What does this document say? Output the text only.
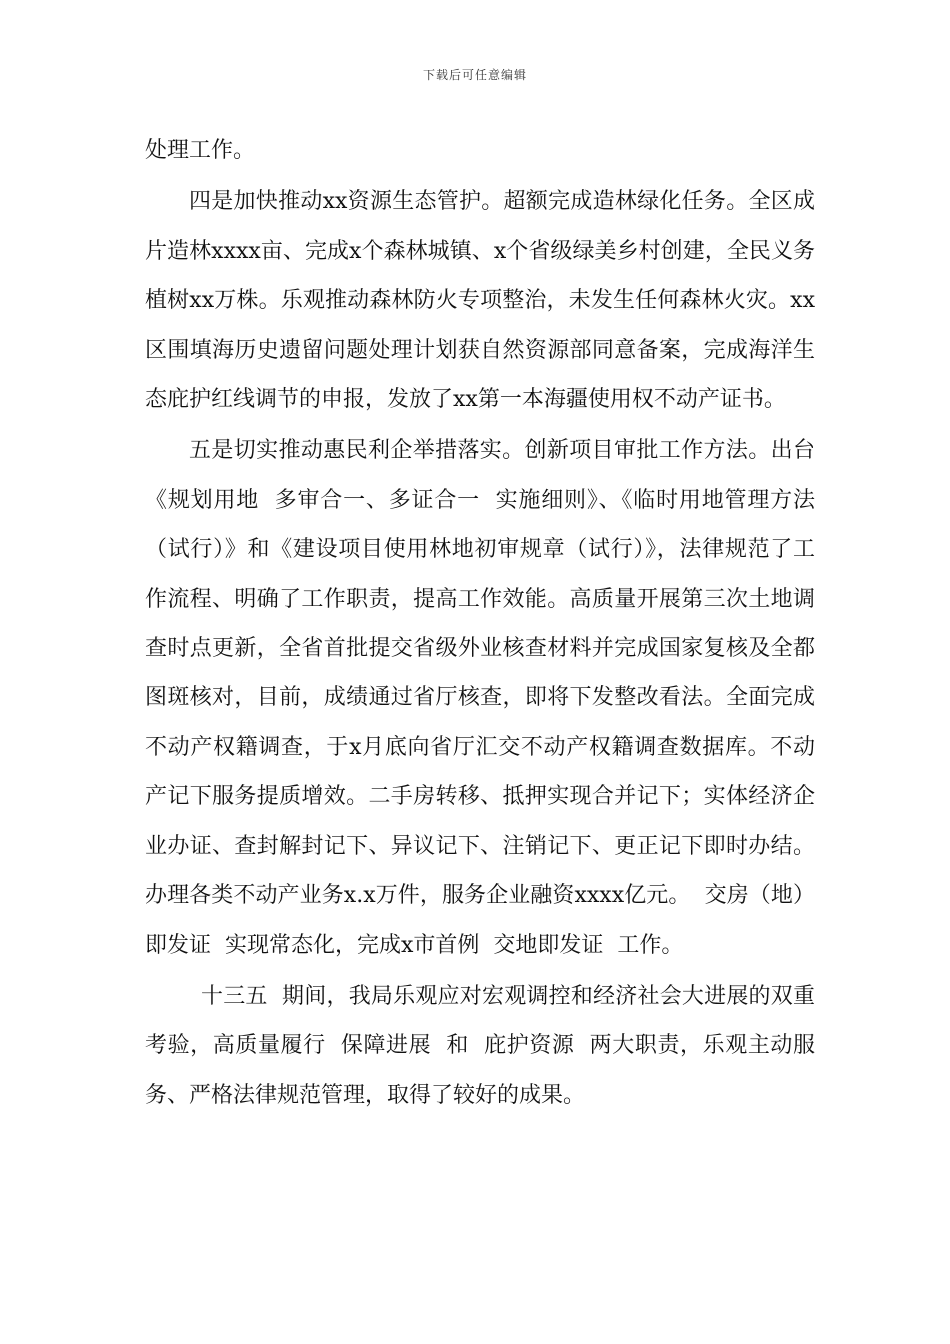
下载后可任意编辑

处理工作。

四是加快推动xx资源生态管护。超额完成造林绿化任务。全区成片造林xxxx亩、完成x个森林城镇、x个省级绿美乡村创建，全民义务植树xx万株。乐观推动森林防火专项整治，未发生任何森林火灾。xx区围填海历史遗留问题处理计划获自然资源部同意备案，完成海洋生态庇护红线调节的申报，发放了xx第一本海疆使用权不动产证书。

五是切实推动惠民利企举措落实。创新项目审批工作方法。出台《规划用地  多审合一、多证合一  实施细则》、《临时用地管理方法（试行）》和《建设项目使用林地初审规章（试行）》，法律规范了工作流程、明确了工作职责，提高工作效能。高质量开展第三次土地调查时点更新，全省首批提交省级外业核查材料并完成国家复核及全都图斑核对，目前，成绩通过省厅核查，即将下发整改看法。全面完成不动产权籍调查，于x月底向省厅汇交不动产权籍调查数据库。不动产记下服务提质增效。二手房转移、抵押实现合并记下；实体经济企业办证、查封解封记下、异议记下、注销记下、更正记下即时办结。办理各类不动产业务x.x万件，服务企业融资xxxx亿元。  交房（地）即发证  实现常态化，完成x市首例  交地即发证  工作。

十三五  期间，我局乐观应对宏观调控和经济社会大进展的双重考验，高质量履行  保障进展  和  庇护资源  两大职责，乐观主动服务、严格法律规范管理，取得了较好的成果。
